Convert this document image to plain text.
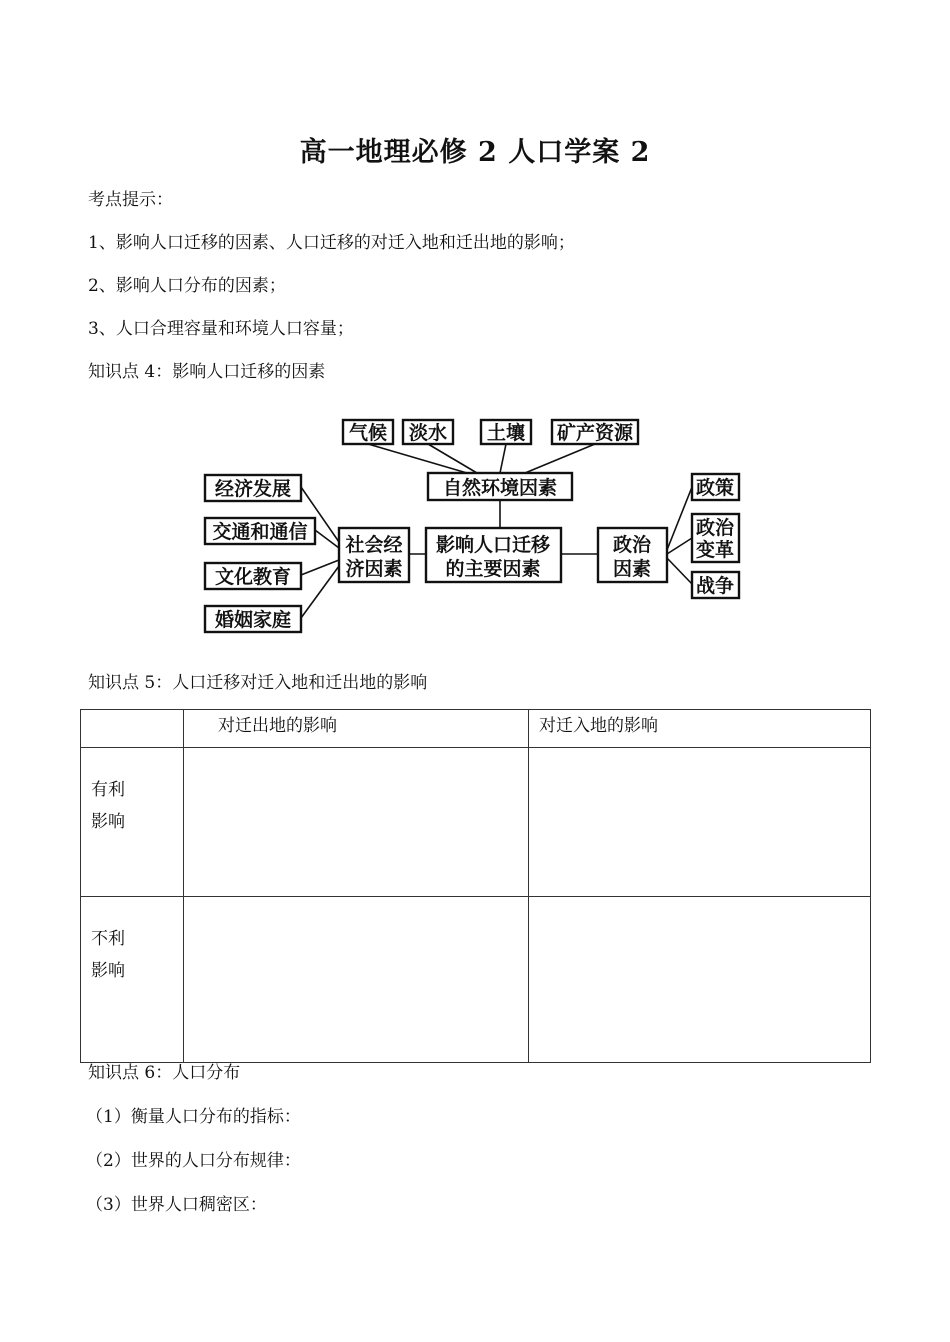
高一地理必修 2 人口学案 2
考点提示：
1、影响人口迁移的因素、人口迁移的对迁入地和迁出地的影响；
2、影响人口分布的因素；
3、人口合理容量和环境人口容量；
知识点 4：影响人口迁移的因素
气候 淡水 土壤 矿产资源
自然环境因素
影响人口迁移
的主要因素
经济发展
交通和通信
文化教育
婚姻家庭
社会经
济因素
政治
因素
政策
政治
变革
战争
知识点 5：人口迁移对迁入地和迁出地的影响
	对迁出地的影响	对迁入地的影响

有利
影响		

不利
影响		

知识点 6：人口分布
（1）衡量人口分布的指标：
（2）世界的人口分布规律：
（3）世界人口稠密区：
